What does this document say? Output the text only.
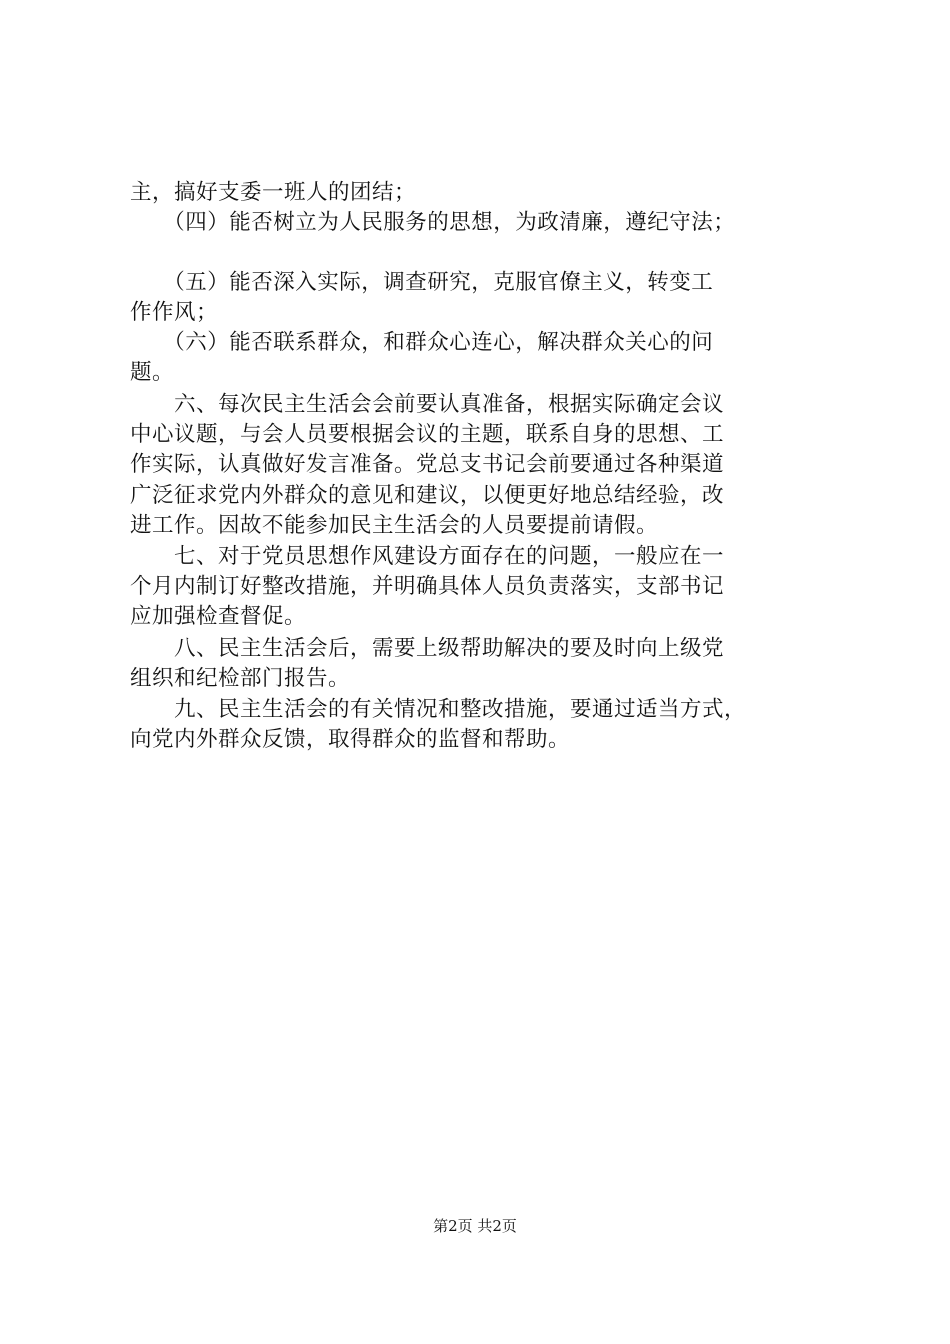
主，搞好支委一班人的团结；
　　（四）能否树立为人民服务的思想，为政清廉，遵纪守法；
　　（五）能否深入实际，调查研究，克服官僚主义，转变工
作作风；
　　（六）能否联系群众，和群众心连心，解决群众关心的问
题。
　　六、每次民主生活会会前要认真准备，根据实际确定会议
中心议题，与会人员要根据会议的主题，联系自身的思想、工
作实际，认真做好发言准备。党总支书记会前要通过各种渠道
广泛征求党内外群众的意见和建议，以便更好地总结经验，改
进工作。因故不能参加民主生活会的人员要提前请假。
　　七、对于党员思想作风建设方面存在的问题，一般应在一
个月内制订好整改措施，并明确具体人员负责落实，支部书记
应加强检查督促。
　　八、民主生活会后，需要上级帮助解决的要及时向上级党
组织和纪检部门报告。
　　九、民主生活会的有关情况和整改措施，要通过适当方式，
向党内外群众反馈，取得群众的监督和帮助。
第2页 共2页
